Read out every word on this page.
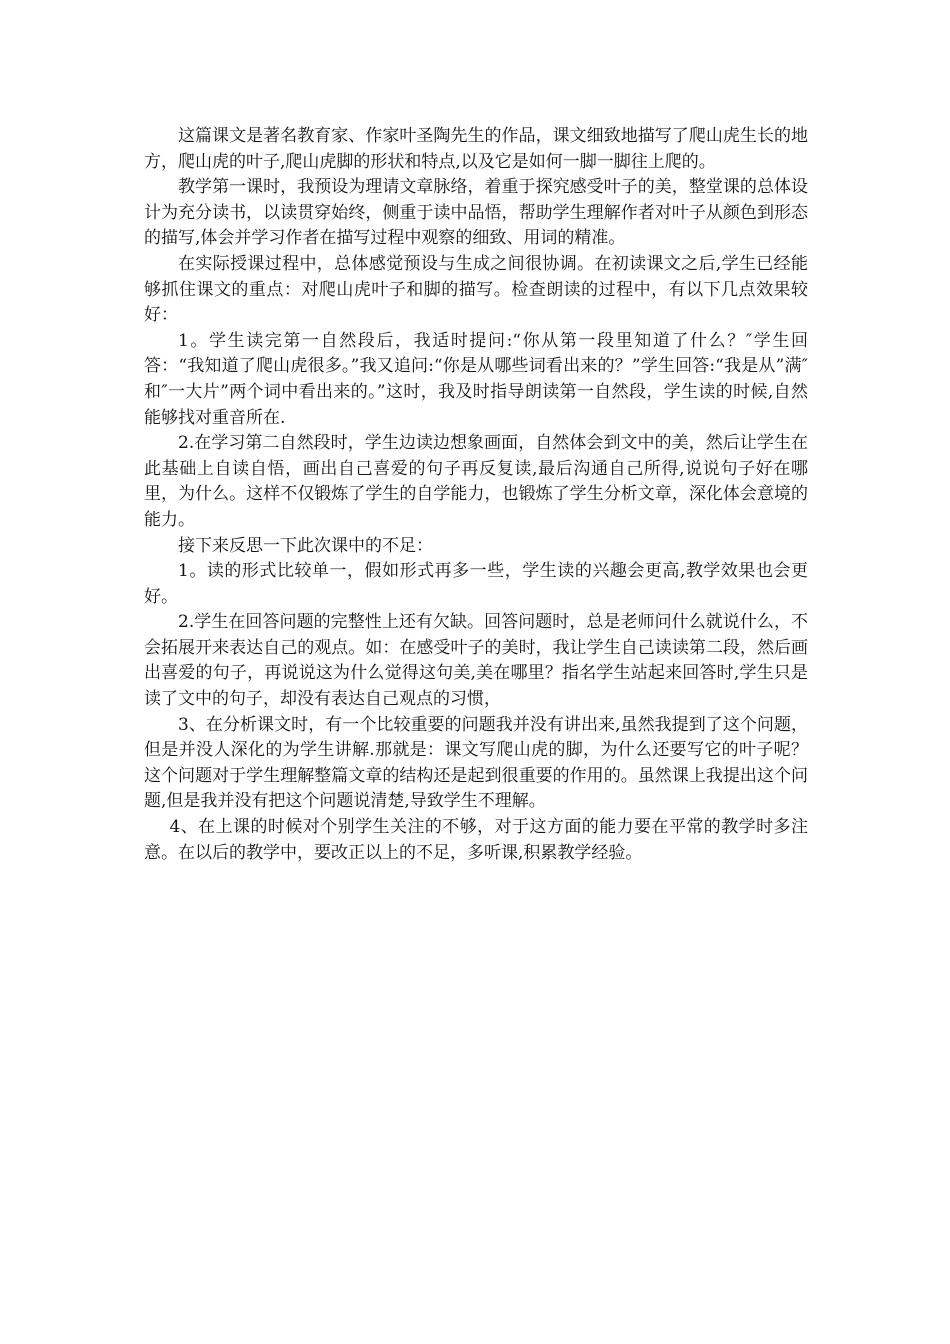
这篇课文是著名教育家、作家叶圣陶先生的作品，课文细致地描写了爬山虎生长的地方，爬山虎的叶子,爬山虎脚的形状和特点,以及它是如何一脚一脚往上爬的。

教学第一课时，我预设为理请文章脉络，着重于探究感受叶子的美，整堂课的总体设计为充分读书，以读贯穿始终，侧重于读中品悟，帮助学生理解作者对叶子从颜色到形态的描写,体会并学习作者在描写过程中观察的细致、用词的精准。

在实际授课过程中，总体感觉预设与生成之间很协调。在初读课文之后,学生已经能够抓住课文的重点：对爬山虎叶子和脚的描写。检查朗读的过程中，有以下几点效果较好：

1。学生读完第一自然段后，我适时提问:“你从第一段里知道了什么？″学生回答：“我知道了爬山虎很多。”我又追问:“你是从哪些词看出来的？”学生回答:“我是从”满″和″一大片”两个词中看出来的。”这时，我及时指导朗读第一自然段，学生读的时候,自然能够找对重音所在.

2.在学习第二自然段时，学生边读边想象画面，自然体会到文中的美，然后让学生在此基础上自读自悟，画出自己喜爱的句子再反复读,最后沟通自己所得,说说句子好在哪里，为什么。这样不仅锻炼了学生的自学能力，也锻炼了学生分析文章，深化体会意境的能力。

接下来反思一下此次课中的不足：

1。读的形式比较单一，假如形式再多一些，学生读的兴趣会更高,教学效果也会更好。

2.学生在回答问题的完整性上还有欠缺。回答问题时，总是老师问什么就说什么，不会拓展开来表达自己的观点。如：在感受叶子的美时，我让学生自己读读第二段，然后画出喜爱的句子，再说说这为什么觉得这句美,美在哪里？指名学生站起来回答时,学生只是读了文中的句子，却没有表达自己观点的习惯，

3、在分析课文时，有一个比较重要的问题我并没有讲出来,虽然我提到了这个问题，但是并没人深化的为学生讲解.那就是：课文写爬山虎的脚，为什么还要写它的叶子呢？这个问题对于学生理解整篇文章的结构还是起到很重要的作用的。虽然课上我提出这个问题,但是我并没有把这个问题说清楚,导致学生不理解。

4、在上课的时候对个别学生关注的不够，对于这方面的能力要在平常的教学时多注意。在以后的教学中，要改正以上的不足，多听课,积累教学经验。
